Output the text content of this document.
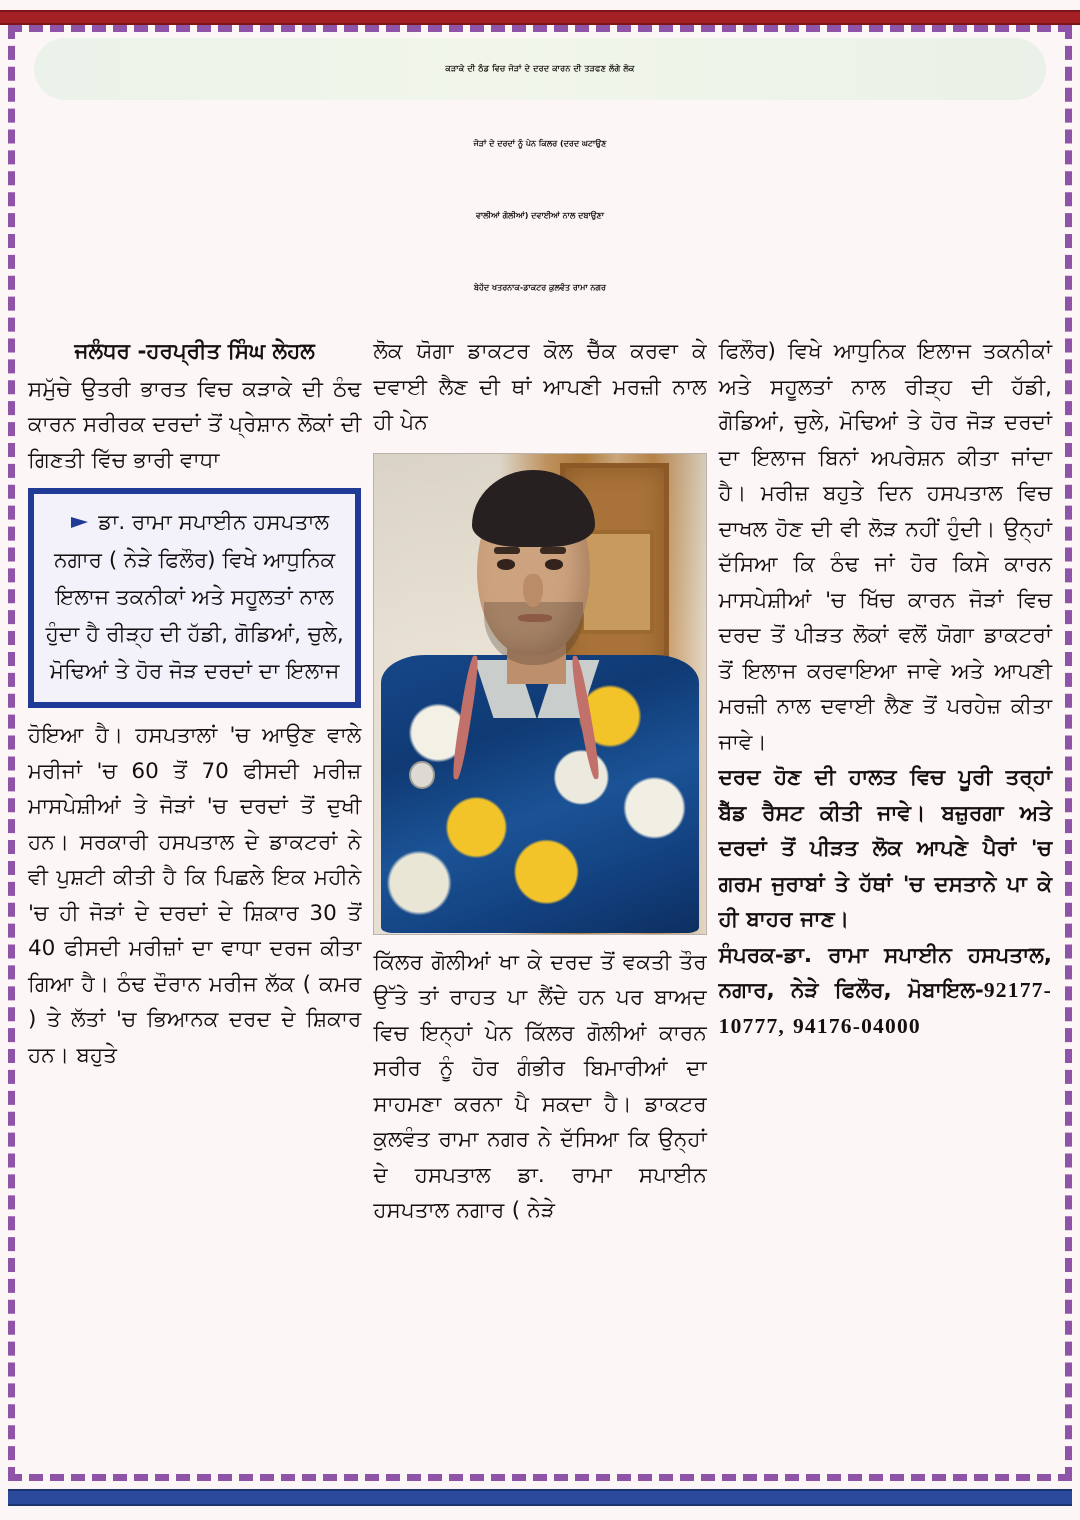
ਕੜਾਕੇ ਦੀ ਠੰਡ ਵਿਚ ਜੋੜਾਂ ਦੇ ਦਰਦ ਕਾਰਨ ਦੀ ਤੜਫਣ ਲੱਗੇ ਲੋਕ
ਜੋੜਾਂ ਦੇ ਦਰਦਾਂ ਨੂੰ ਪੇਨ ਕਿਲਰ (ਦਰਦ ਘਟਾਉਣ
ਵਾਲੀਆਂ ਗੋਲੀਆਂ) ਦਵਾਈਆਂ ਨਾਲ ਦਬਾਉਣਾ
ਬੇਹੱਦ ਖਤਰਨਾਕ-ਡਾਕਟਰ ਕੁਲਵੰਤ ਰਾਮਾ ਨਗਰ

ਜਲੰਧਰ -ਹਰਪ੍ਰੀਤ ਸਿੰਘ ਲੇਹਲ

ਸਮੁੱਚੇ ਉਤਰੀ ਭਾਰਤ ਵਿਚ ਕੜਾਕੇ ਦੀ ਠੰਢ ਕਾਰਨ ਸਰੀਰਕ ਦਰਦਾਂ ਤੋਂ ਪ੍ਰੇਸ਼ਾਨ ਲੋਕਾਂ ਦੀ ਗਿਣਤੀ ਵਿੱਚ ਭਾਰੀ ਵਾਧਾ

ਡਾ. ਰਾਮਾ ਸਪਾਈਨ ਹਸਪਤਾਲ ਨਗਾਰ ( ਨੇੜੇ ਫਿਲੌਰ) ਵਿਖੇ ਆਧੁਨਿਕ ਇਲਾਜ ਤਕਨੀਕਾਂ ਅਤੇ ਸਹੂਲਤਾਂ ਨਾਲ ਹੁੰਦਾ ਹੈ ਰੀੜ੍ਹ ਦੀ ਹੱਡੀ, ਗੋਡਿਆਂ, ਚੁਲੇ, ਮੋਢਿਆਂ ਤੇ ਹੋਰ ਜੋੜ ਦਰਦਾਂ ਦਾ ਇਲਾਜ

ਹੋਇਆ ਹੈ। ਹਸਪਤਾਲਾਂ 'ਚ ਆਉਣ ਵਾਲੇ ਮਰੀਜਾਂ 'ਚ 60 ਤੋਂ 70 ਫੀਸਦੀ ਮਰੀਜ਼ ਮਾਸਪੇਸ਼ੀਆਂ ਤੇ ਜੋੜਾਂ 'ਚ ਦਰਦਾਂ ਤੋਂ ਦੁਖੀ ਹਨ। ਸਰਕਾਰੀ ਹਸਪਤਾਲ ਦੇ ਡਾਕਟਰਾਂ ਨੇ ਵੀ ਪੁਸ਼ਟੀ ਕੀਤੀ ਹੈ ਕਿ ਪਿਛਲੇ ਇਕ ਮਹੀਨੇ 'ਚ ਹੀ ਜੋੜਾਂ ਦੇ ਦਰਦਾਂ ਦੇ ਸ਼ਿਕਾਰ 30 ਤੋਂ 40 ਫੀਸਦੀ ਮਰੀਜ਼ਾਂ ਦਾ ਵਾਧਾ ਦਰਜ ਕੀਤਾ ਗਿਆ ਹੈ। ਠੰਢ ਦੌਰਾਨ ਮਰੀਜ ਲੱਕ ( ਕਮਰ ) ਤੇ ਲੱਤਾਂ 'ਚ ਭਿਆਨਕ ਦਰਦ ਦੇ ਸ਼ਿਕਾਰ ਹਨ। ਬਹੁਤੇ

ਲੋਕ ਯੋਗਾ ਡਾਕਟਰ ਕੋਲ ਚੈੱਕ ਕਰਵਾ ਕੇ ਦਵਾਈ ਲੈਣ ਦੀ ਥਾਂ ਆਪਣੀ ਮਰਜ਼ੀ ਨਾਲ ਹੀ ਪੇਨ

ਕਿੱਲਰ ਗੋਲੀਆਂ ਖਾ ਕੇ ਦਰਦ ਤੋਂ ਵਕਤੀ ਤੌਰ ਉੱਤੇ ਤਾਂ ਰਾਹਤ ਪਾ ਲੈਂਦੇ ਹਨ ਪਰ ਬਾਅਦ ਵਿਚ ਇਨ੍ਹਾਂ ਪੇਨ ਕਿੱਲਰ ਗੋਲੀਆਂ ਕਾਰਨ ਸਰੀਰ ਨੂੰ ਹੋਰ ਗੰਭੀਰ ਬਿਮਾਰੀਆਂ ਦਾ ਸਾਹਮਣਾ ਕਰਨਾ ਪੈ ਸਕਦਾ ਹੈ। ਡਾਕਟਰ ਕੁਲਵੰਤ ਰਾਮਾ ਨਗਰ ਨੇ ਦੱਸਿਆ ਕਿ ਉਨ੍ਹਾਂ ਦੇ ਹਸਪਤਾਲ ਡਾ. ਰਾਮਾ ਸਪਾਈਨ ਹਸਪਤਾਲ ਨਗਾਰ ( ਨੇੜੇ

ਫਿਲੌਰ) ਵਿਖੇ ਆਧੁਨਿਕ ਇਲਾਜ ਤਕਨੀਕਾਂ ਅਤੇ ਸਹੂਲਤਾਂ ਨਾਲ ਰੀੜ੍ਹ ਦੀ ਹੱਡੀ, ਗੋਡਿਆਂ, ਚੁਲੇ, ਮੋਢਿਆਂ ਤੇ ਹੋਰ ਜੋੜ ਦਰਦਾਂ ਦਾ ਇਲਾਜ ਬਿਨਾਂ ਅਪਰੇਸ਼ਨ ਕੀਤਾ ਜਾਂਦਾ ਹੈ। ਮਰੀਜ਼ ਬਹੁਤੇ ਦਿਨ ਹਸਪਤਾਲ ਵਿਚ ਦਾਖਲ ਹੋਣ ਦੀ ਵੀ ਲੋੜ ਨਹੀਂ ਹੁੰਦੀ। ਉਨ੍ਹਾਂ ਦੱਸਿਆ ਕਿ ਠੰਢ ਜਾਂ ਹੋਰ ਕਿਸੇ ਕਾਰਨ ਮਾਸਪੇਸ਼ੀਆਂ 'ਚ ਖਿੱਚ ਕਾਰਨ ਜੋੜਾਂ ਵਿਚ ਦਰਦ ਤੋਂ ਪੀੜਤ ਲੋਕਾਂ ਵਲੋਂ ਯੋਗਾ ਡਾਕਟਰਾਂ ਤੋਂ ਇਲਾਜ ਕਰਵਾਇਆ ਜਾਵੇ ਅਤੇ ਆਪਣੀ ਮਰਜ਼ੀ ਨਾਲ ਦਵਾਈ ਲੈਣ ਤੋਂ ਪਰਹੇਜ਼ ਕੀਤਾ ਜਾਵੇ।

ਦਰਦ ਹੋਣ ਦੀ ਹਾਲਤ ਵਿਚ ਪੂਰੀ ਤਰ੍ਹਾਂ ਬੈੱਡ ਰੈਸਟ ਕੀਤੀ ਜਾਵੇ। ਬਜ਼ੁਰਗਾ ਅਤੇ ਦਰਦਾਂ ਤੋਂ ਪੀੜਤ ਲੋਕ ਆਪਣੇ ਪੈਰਾਂ 'ਚ ਗਰਮ ਜੁਰਾਬਾਂ ਤੇ ਹੱਥਾਂ 'ਚ ਦਸਤਾਨੇ ਪਾ ਕੇ ਹੀ ਬਾਹਰ ਜਾਣ।

ਸੰਪਰਕ-ਡਾ. ਰਾਮਾ ਸਪਾਈਨ ਹਸਪਤਾਲ, ਨਗਾਰ, ਨੇੜੇ ਫਿਲੌਰ, ਮੋਬਾਇਲ-92177-10777, 94176-04000
